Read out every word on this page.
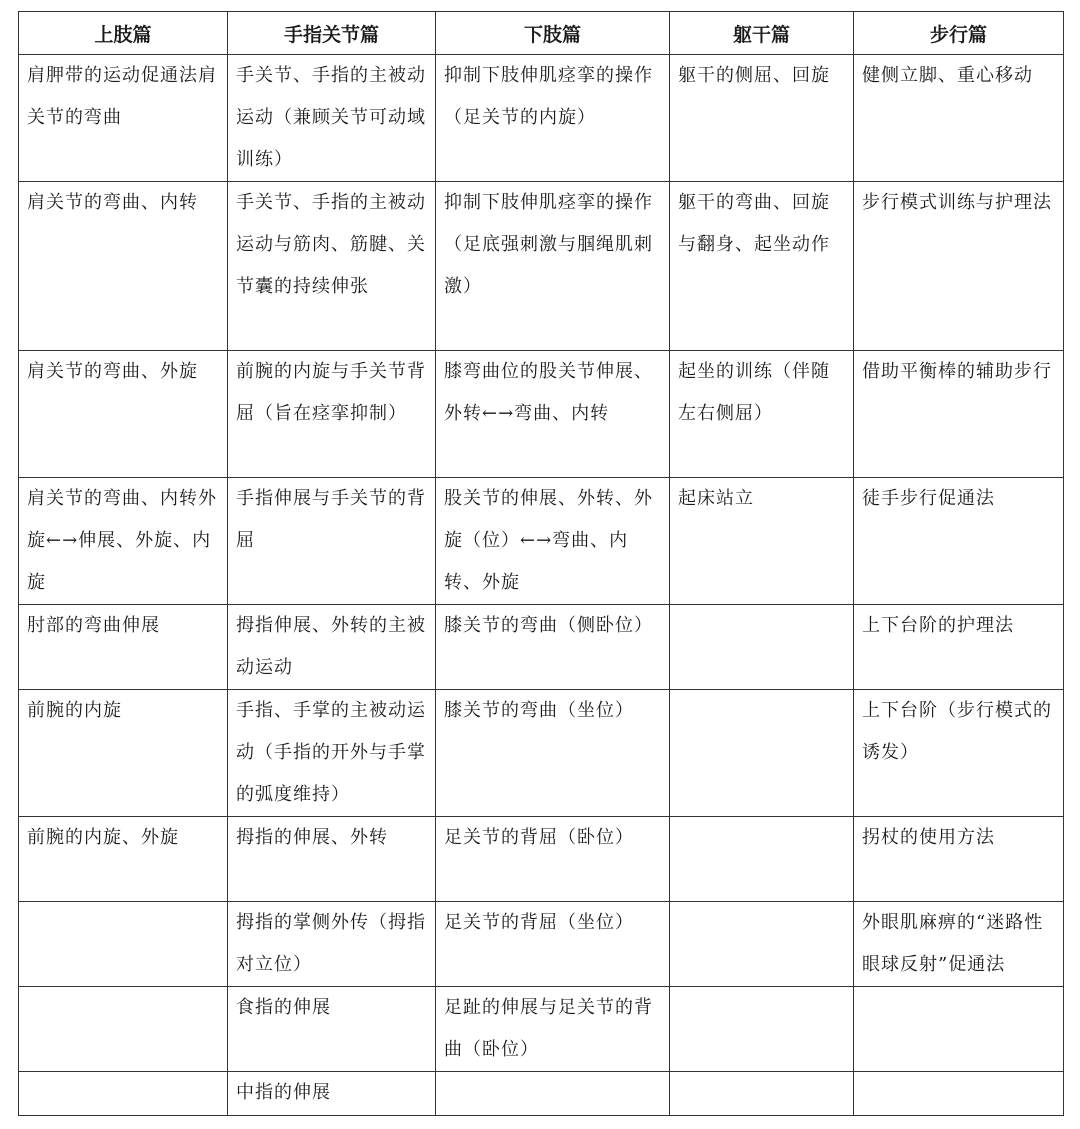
上肢篇	手指关节篇	下肢篇	躯干篇	步行篇
肩胛带的运动促通法肩关节的弯曲	手关节、手指的主被动运动（兼顾关节可动域训练）	抑制下肢伸肌痉挛的操作（足关节的内旋）	躯干的侧屈、回旋	健侧立脚、重心移动
肩关节的弯曲、内转	手关节、手指的主被动运动与筋肉、筋腱、关节囊的持续伸张	抑制下肢伸肌痉挛的操作（足底强刺激与腘绳肌刺激）	躯干的弯曲、回旋与翻身、起坐动作	步行模式训练与护理法
肩关节的弯曲、外旋	前腕的内旋与手关节背屈（旨在痉挛抑制）	膝弯曲位的股关节伸展、外转←→弯曲、内转	起坐的训练（伴随左右侧屈）	借助平衡棒的辅助步行
肩关节的弯曲、内转外旋←→伸展、外旋、内旋	手指伸展与手关节的背屈	股关节的伸展、外转、外旋（位）←→弯曲、内转、外旋	起床站立	徒手步行促通法
肘部的弯曲伸展	拇指伸展、外转的主被动运动	膝关节的弯曲（侧卧位）		上下台阶的护理法
前腕的内旋	手指、手掌的主被动运动（手指的开外与手掌的弧度维持）	膝关节的弯曲（坐位）		上下台阶（步行模式的诱发）
前腕的内旋、外旋	拇指的伸展、外转	足关节的背屈（卧位）		拐杖的使用方法
	拇指的掌侧外传（拇指对立位）	足关节的背屈（坐位）		外眼肌麻痹的“迷路性眼球反射”促通法
	食指的伸展	足趾的伸展与足关节的背曲（卧位）		
	中指的伸展			
